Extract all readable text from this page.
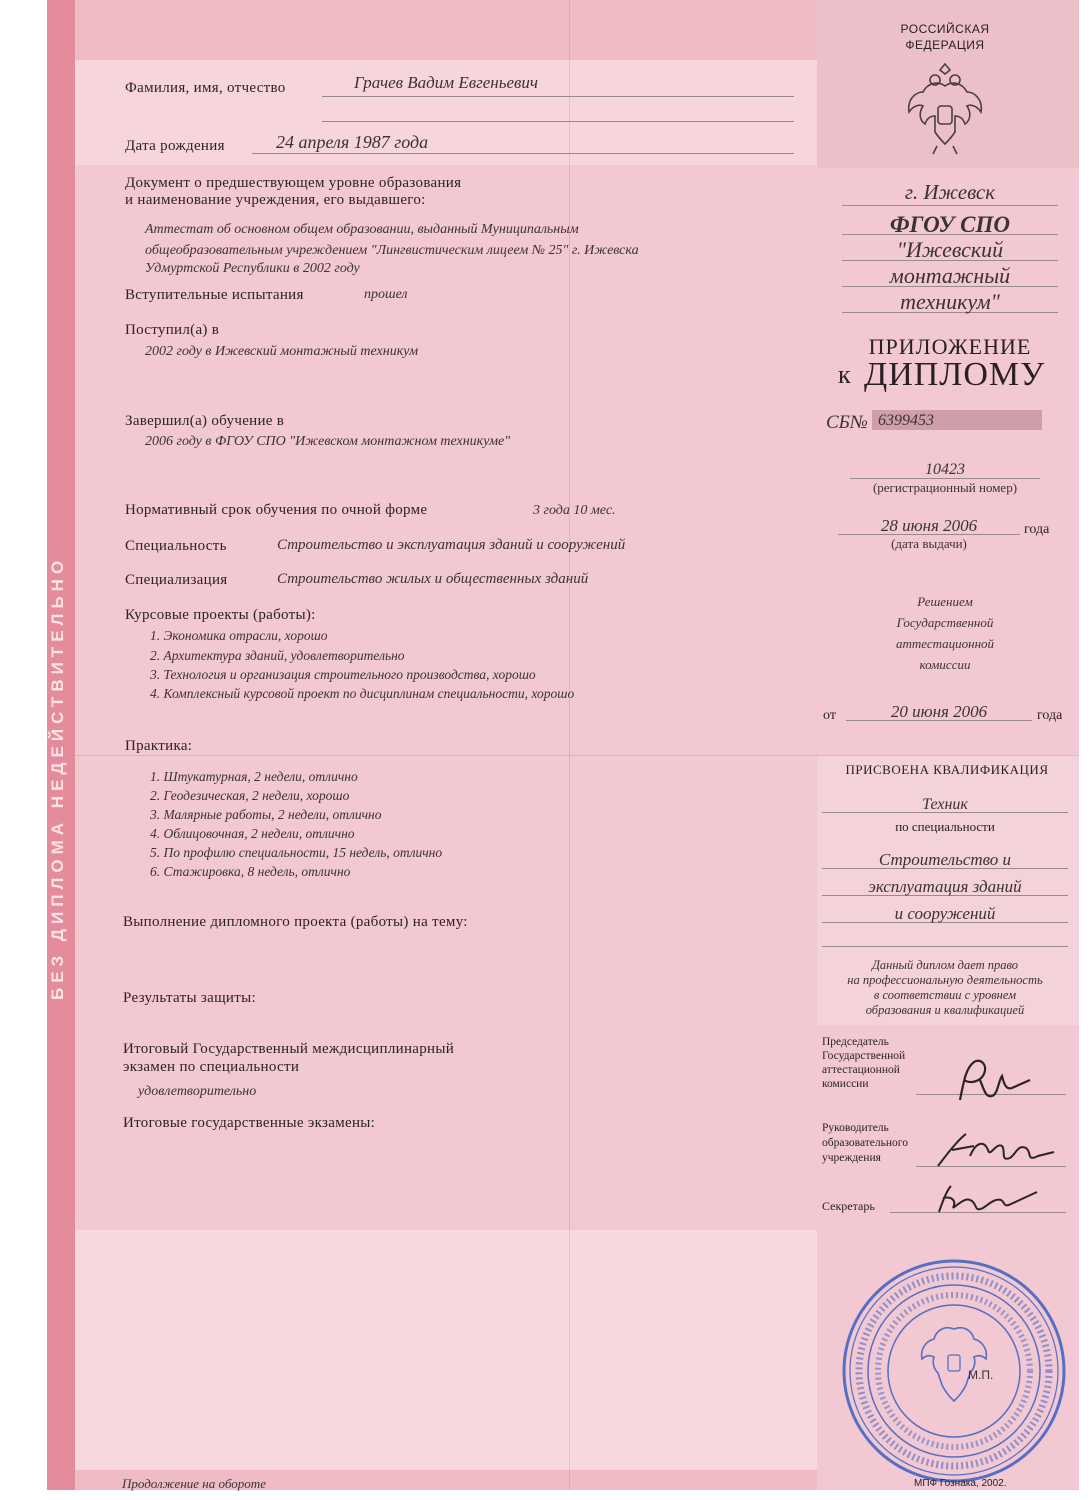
БЕЗ ДИПЛОМА НЕДЕЙСТВИТЕЛЬНО
Фамилия, имя, отчество	Грачев Вадим Евгеньевич
Дата рождения	24 апреля 1987 года
Документ о предшествующем уровне образования
и наименование учреждения, его выдавшего:
Аттестат об основном общем образовании, выданный Муниципальным
общеобразовательным учреждением "Лингвистическим лицеем № 25" г. Ижевска
Удмуртской Республики в 2002 году
Вступительные испытания	прошел
Поступил(а) в
2002 году в Ижевский монтажный техникум
Завершил(а) обучение в
2006 году в ФГОУ СПО "Ижевском монтажном техникуме"
Нормативный срок обучения по очной форме	3 года 10 мес.
Специальность	Строительство и эксплуатация зданий и сооружений
Специализация	Строительство жилых и общественных зданий
Курсовые проекты (работы):
1. Экономика отрасли, хорошо
2. Архитектура зданий, удовлетворительно
3. Технология и организация строительного производства, хорошо
4. Комплексный курсовой проект по дисциплинам специальности, хорошо
Практика:
1. Штукатурная, 2 недели, отлично
2. Геодезическая, 2 недели, хорошо
3. Малярные работы, 2 недели, отлично
4. Облицовочная, 2 недели, отлично
5. По профилю специальности, 15 недель, отлично
6. Стажировка, 8 недель, отлично
Выполнение дипломного проекта (работы) на тему:
Результаты защиты:
Итоговый Государственный междисциплинарный
экзамен по специальности
удовлетворительно
Итоговые государственные экзамены:
Продолжение на обороте
РОССИЙСКАЯ
ФЕДЕРАЦИЯ
г. Ижевск
ФГОУ СПО
"Ижевский
монтажный
техникум"
ПРИЛОЖЕНИЕ
к ДИПЛОМУ
СБ№ 6399453
10423
(регистрационный номер)
28 июня 2006	года
(дата выдачи)
Решением
Государственной
аттестационной
комиссии
от	20 июня 2006	года
ПРИСВОЕНА КВАЛИФИКАЦИЯ
Техник
по специальности
Строительство и
эксплуатация зданий
и сооружений
Данный диплом дает право
на профессиональную деятельность
в соответствии с уровнем
образования и квалификацией
Председатель
Государственной
аттестационной
комиссии
Руководитель
образовательного
учреждения
Секретарь
М.П.
МПФ Гознака, 2002.
